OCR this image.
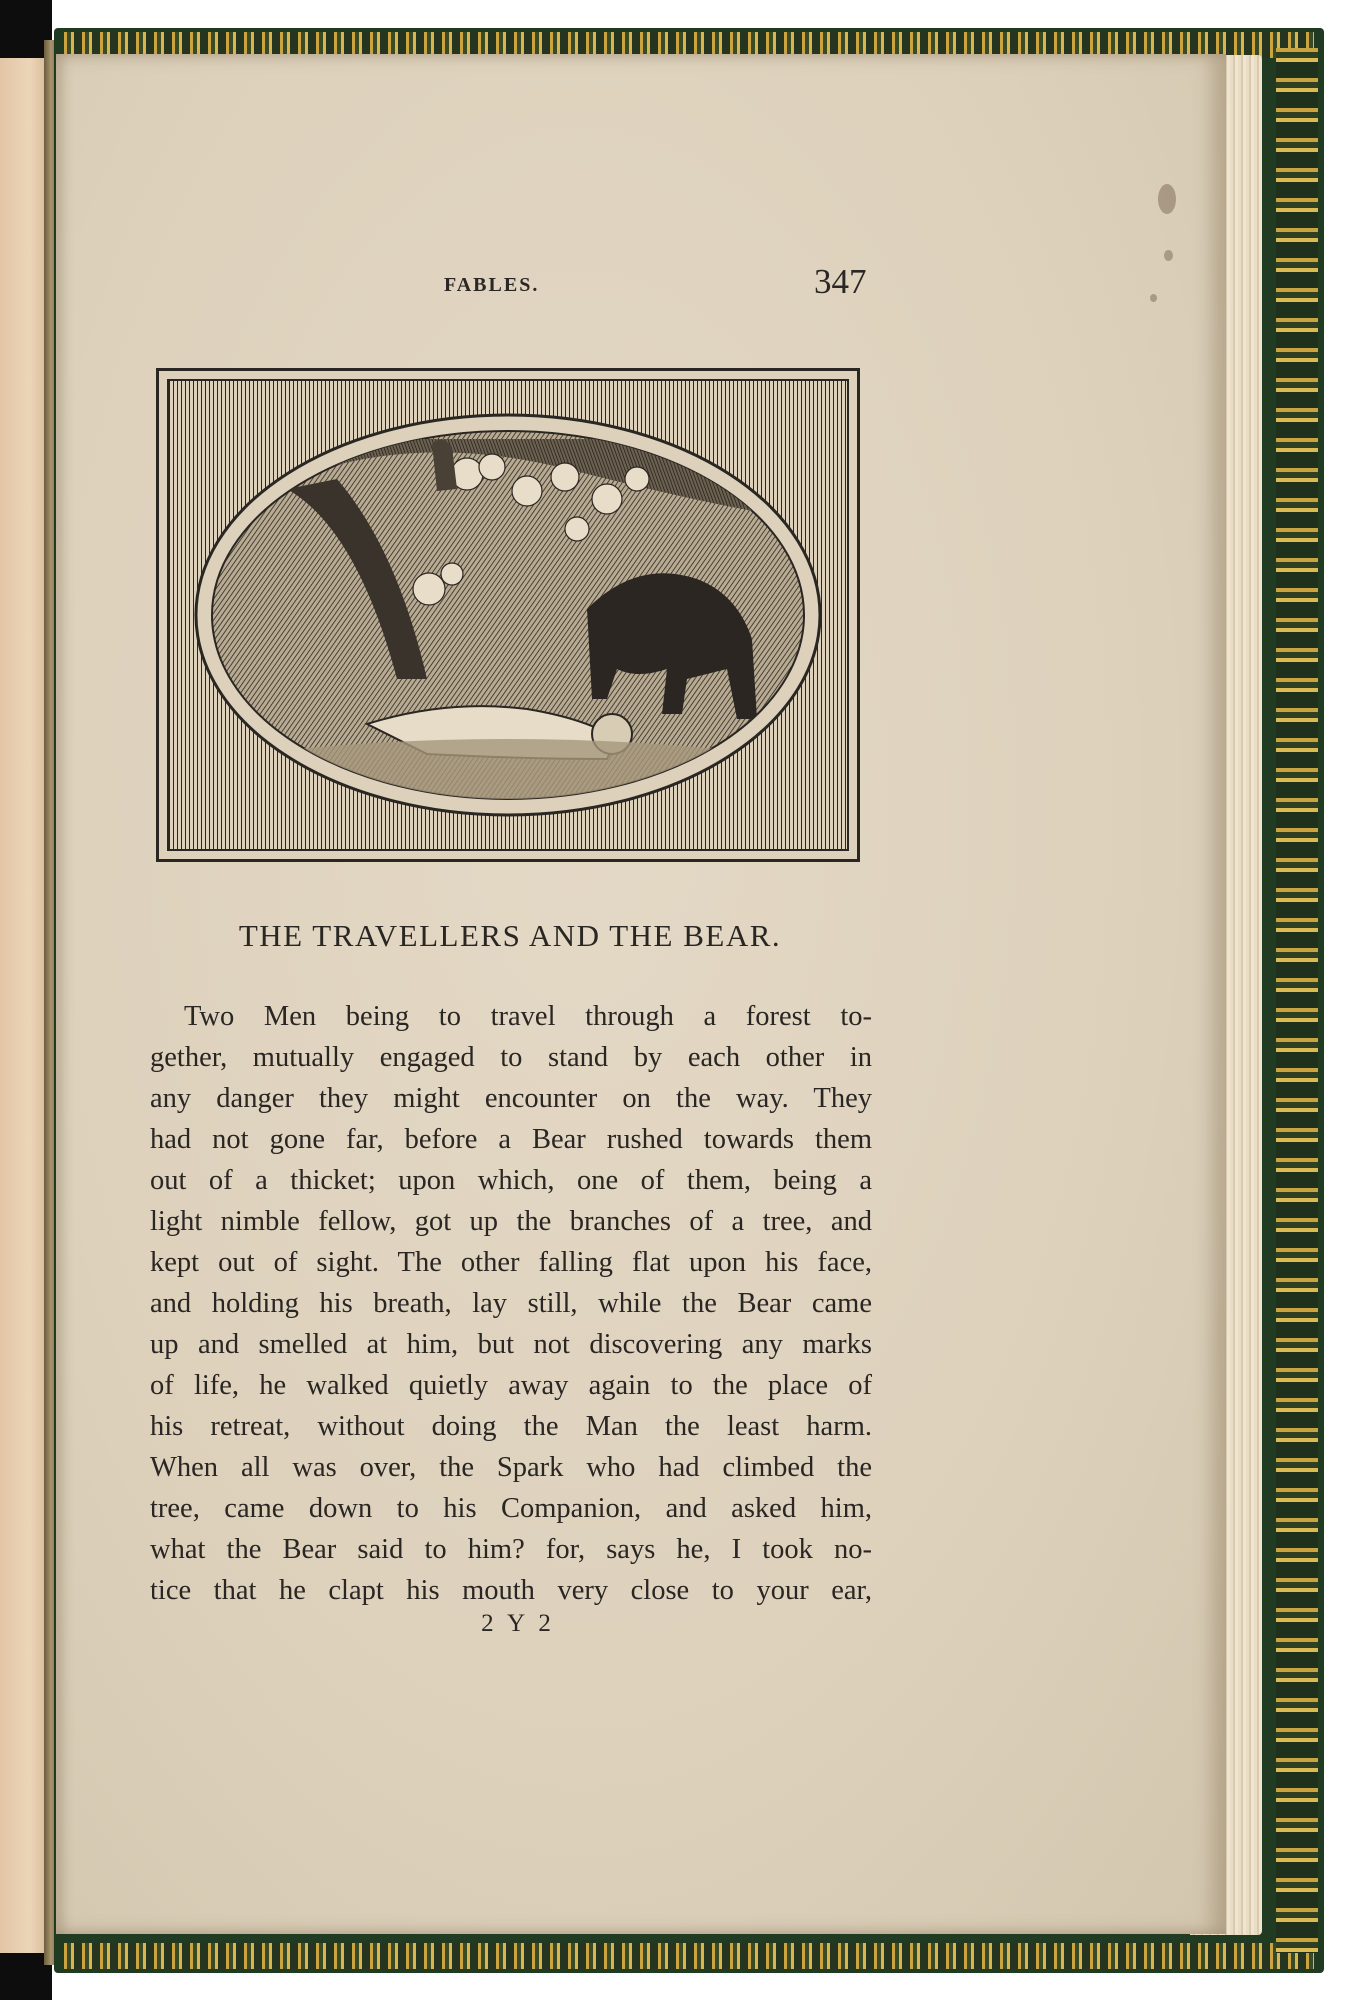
FABLES.	347
THE TRAVELLERS AND THE BEAR.
Two Men being to travel through a forest to-
gether, mutually engaged to stand by each other in
any danger they might encounter on the way. They
had not gone far, before a Bear rushed towards them
out of a thicket; upon which, one of them, being a
light nimble fellow, got up the branches of a tree, and
kept out of sight. The other falling flat upon his face,
and holding his breath, lay still, while the Bear came
up and smelled at him, but not discovering any marks
of life, he walked quietly away again to the place of
his retreat, without doing the Man the least harm.
When all was over, the Spark who had climbed the
tree, came down to his Companion, and asked him,
what the Bear said to him? for, says he, I took no-
tice that he clapt his mouth very close to your ear,
2 Y 2
